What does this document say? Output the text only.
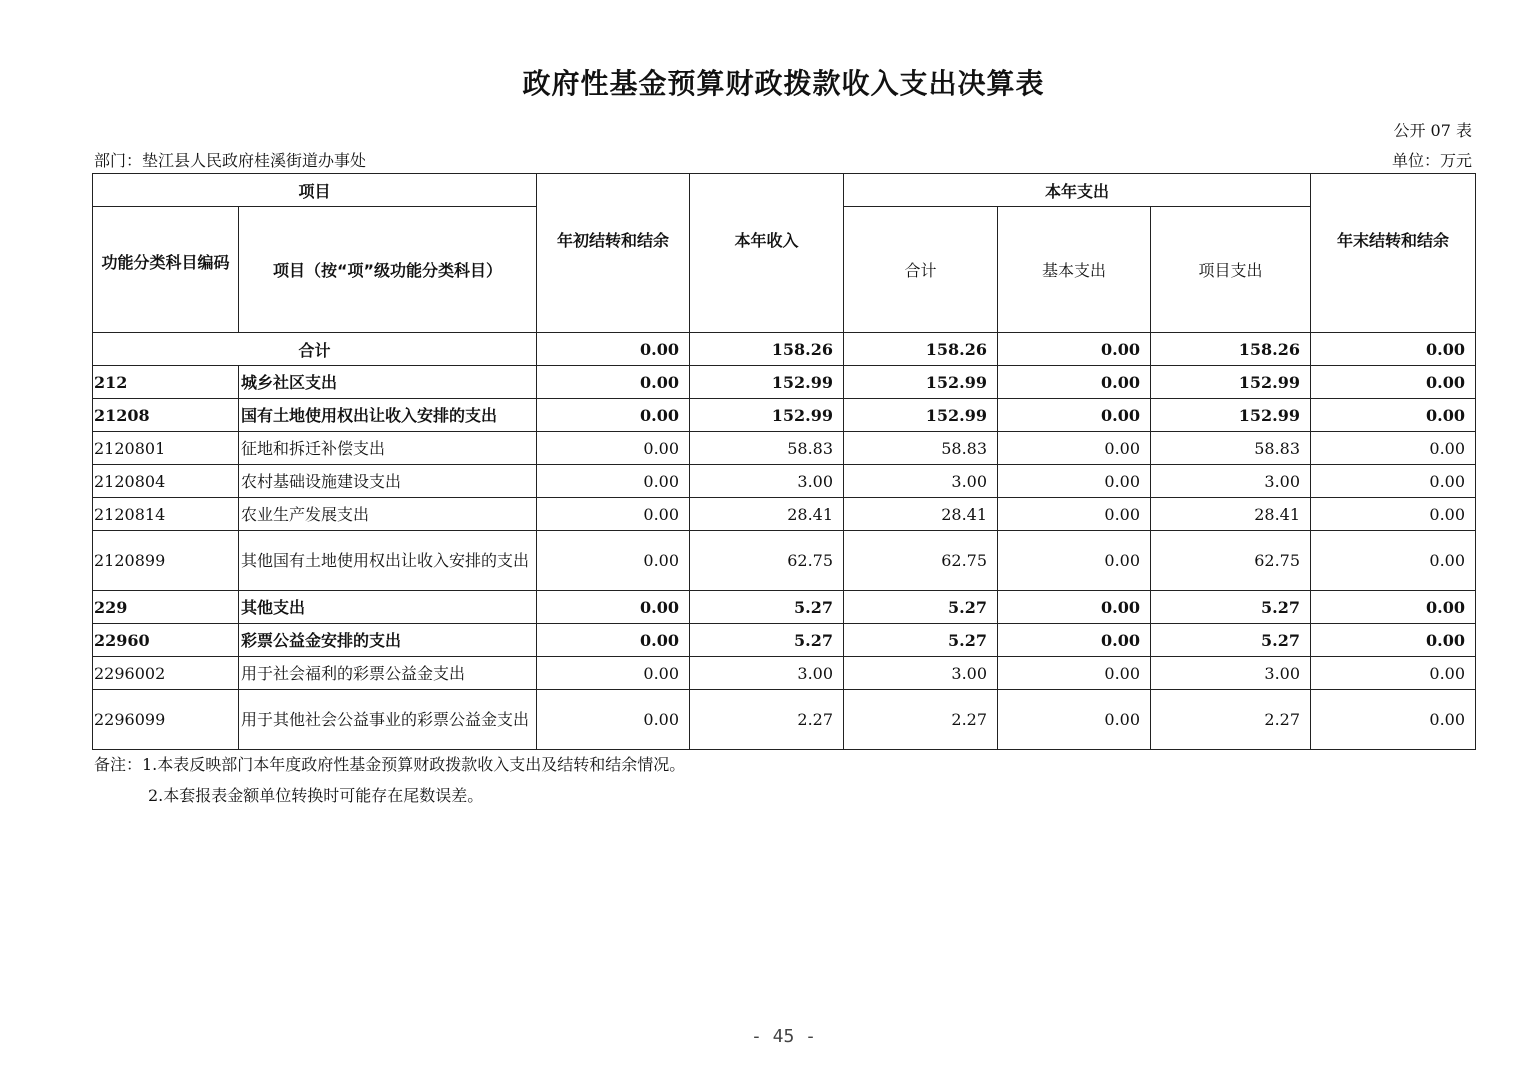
政府性基金预算财政拨款收入支出决算表
公开 07 表
部门：垫江县人民政府桂溪街道办事处	单位：万元
项目		年初结转和结余	本年收入	本年支出			年末结转和结余
功能分类科目编码	项目（按“项”级功能分类科目）			合计	基本支出	项目支出	
合计		0.00	158.26	158.26	0.00	158.26	0.00
212	城乡社区支出	0.00	152.99	152.99	0.00	152.99	0.00
21208	国有土地使用权出让收入安排的支出	0.00	152.99	152.99	0.00	152.99	0.00
2120801	征地和拆迁补偿支出	0.00	58.83	58.83	0.00	58.83	0.00
2120804	农村基础设施建设支出	0.00	3.00	3.00	0.00	3.00	0.00
2120814	农业生产发展支出	0.00	28.41	28.41	0.00	28.41	0.00
2120899	其他国有土地使用权出让收入安排的支出	0.00	62.75	62.75	0.00	62.75	0.00
229	其他支出	0.00	5.27	5.27	0.00	5.27	0.00
22960	彩票公益金安排的支出	0.00	5.27	5.27	0.00	5.27	0.00
2296002	用于社会福利的彩票公益金支出	0.00	3.00	3.00	0.00	3.00	0.00
2296099	用于其他社会公益事业的彩票公益金支出	0.00	2.27	2.27	0.00	2.27	0.00
备注：1.本表反映部门本年度政府性基金预算财政拨款收入支出及结转和结余情况。
2.本套报表金额单位转换时可能存在尾数误差。
- 45 -
